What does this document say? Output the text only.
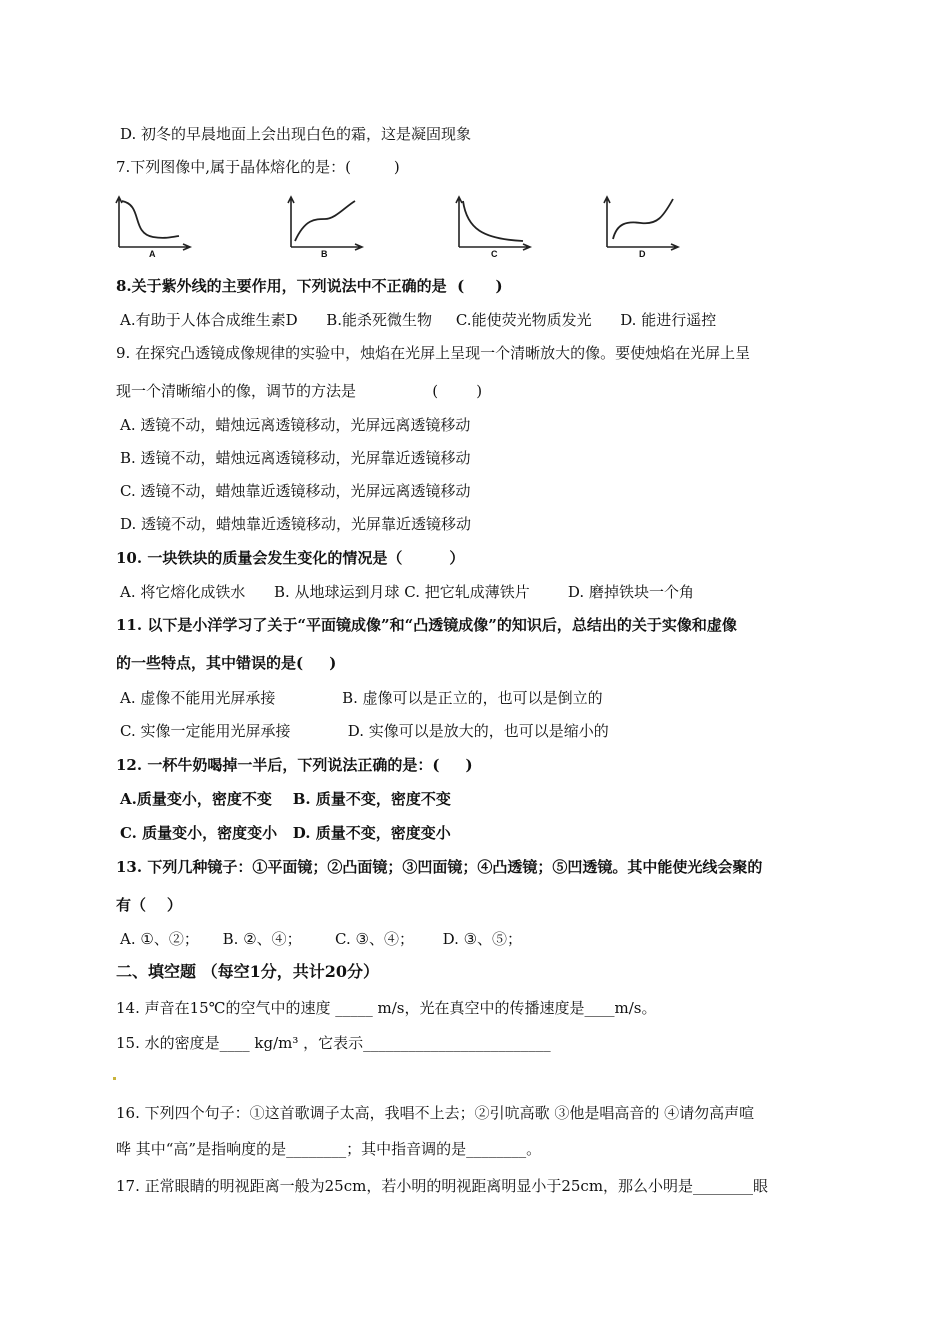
D. 初冬的早晨地面上会出现白色的霜，这是凝固现象
7.下列图像中,属于晶体熔化的是：(         )
A	B	C	D
8.关于紫外线的主要作用，下列说法中不正确的是  (      )
A.有助于人体合成维生素D      B.能杀死微生物     C.能使荧光物质发光      D. 能进行遥控
9. 在探究凸透镜成像规律的实验中，烛焰在光屏上呈现一个清晰放大的像。要使烛焰在光屏上呈
现一个清晰缩小的像，调节的方法是                (        )
A. 透镜不动，蜡烛远离透镜移动，光屏远离透镜移动
B. 透镜不动，蜡烛远离透镜移动，光屏靠近透镜移动
C. 透镜不动，蜡烛靠近透镜移动，光屏远离透镜移动
D. 透镜不动，蜡烛靠近透镜移动，光屏靠近透镜移动
10. 一块铁块的质量会发生变化的情况是（         ）
A. 将它熔化成铁水      B. 从地球运到月球 C. 把它轧成薄铁片        D. 磨掉铁块一个角
11. 以下是小洋学习了关于“平面镜成像”和“凸透镜成像”的知识后，总结出的关于实像和虚像
的一些特点，其中错误的是(     )
A. 虚像不能用光屏承接              B. 虚像可以是正立的，也可以是倒立的
C. 实像一定能用光屏承接            D. 实像可以是放大的，也可以是缩小的
12. 一杯牛奶喝掉一半后，下列说法正确的是：(     )
A.质量变小，密度不变    B. 质量不变，密度不变
C. 质量变小，密度变小   D. 质量不变，密度变小
13. 下列几种镜子：①平面镜；②凸面镜；③凹面镜；④凸透镜；⑤凹透镜。其中能使光线会聚的
有（    ）
A. ①、②；     B. ②、④；       C. ③、④；      D. ③、⑤；
二、填空题 （每空1分，共计20分）
14. 声音在15℃的空气中的速度 _____ m/s，光在真空中的传播速度是____m/s。
15. 水的密度是____ kg/m³ ，它表示_________________________
16. 下列四个句子：①这首歌调子太高，我唱不上去；②引吭高歌 ③他是唱高音的 ④请勿高声喧
哗 其中“高”是指响度的是________；其中指音调的是________。
17. 正常眼睛的明视距离一般为25cm，若小明的明视距离明显小于25cm，那么小明是________眼
